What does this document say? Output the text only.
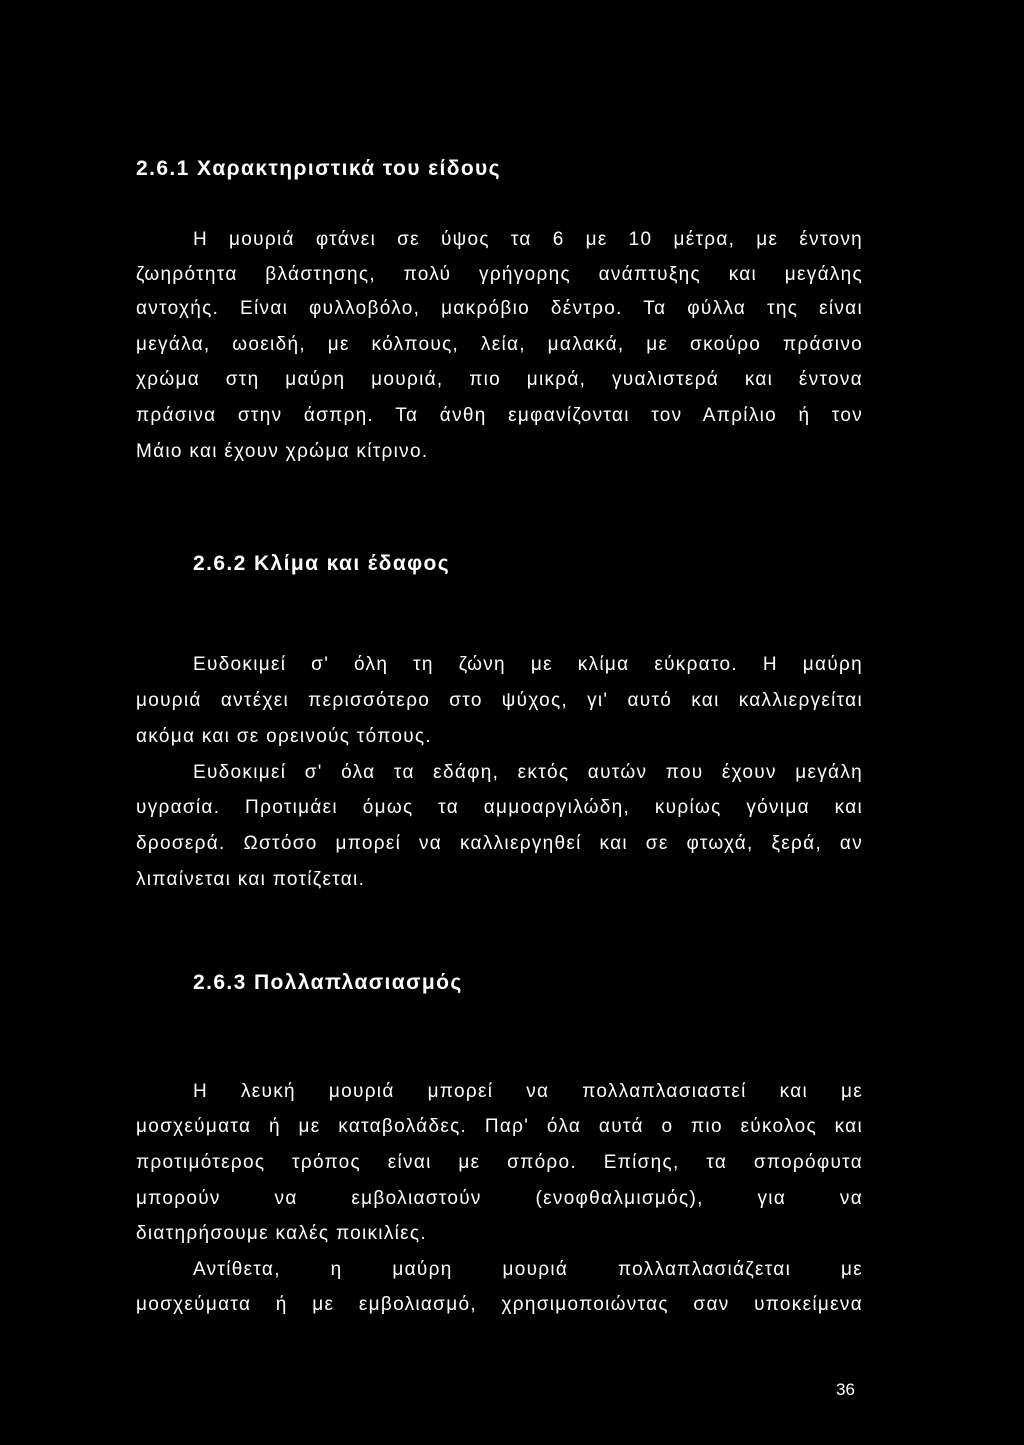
2.6.1 Χαρακτηριστικά του είδους

Η μουριά φτάνει σε ύψος τα 6 με 10 μέτρα, με έντονη

ζωηρότητα βλάστησης, πολύ γρήγορης ανάπτυξης και μεγάλης

αντοχής. Είναι φυλλοβόλο, μακρόβιο δέντρο. Τα φύλλα της είναι

μεγάλα, ωοειδή, με κόλπους, λεία, μαλακά, με σκούρο πράσινο

χρώμα στη μαύρη μουριά, πιο μικρά, γυαλιστερά και έντονα

πράσινα στην άσπρη. Τα άνθη εμφανίζονται τον Απρίλιο ή τον

Μάιο και έχουν χρώμα κίτρινο.

2.6.2 Κλίμα και έδαφος

Ευδοκιμεί σ' όλη τη ζώνη με κλίμα εύκρατο. Η μαύρη

μουριά αντέχει περισσότερο στο ψύχος, γι' αυτό και καλλιεργείται

ακόμα και σε ορεινούς τόπους.

Ευδοκιμεί σ' όλα τα εδάφη, εκτός αυτών που έχουν μεγάλη

υγρασία. Προτιμάει όμως τα αμμοαργιλώδη, κυρίως γόνιμα και

δροσερά. Ωστόσο μπορεί να καλλιεργηθεί και σε φτωχά, ξερά, αν

λιπαίνεται και ποτίζεται.

2.6.3 Πολλαπλασιασμός

Η λευκή μουριά μπορεί να πολλαπλασιαστεί και με

μοσχεύματα ή με καταβολάδες. Παρ' όλα αυτά ο πιο εύκολος και

προτιμότερος τρόπος είναι με σπόρο. Επίσης, τα σπορόφυτα

μπορούν να εμβολιαστούν (ενοφθαλμισμός), για να

διατηρήσουμε καλές ποικιλίες.

Αντίθετα, η μαύρη μουριά πολλαπλασιάζεται με

μοσχεύματα ή με εμβολιασμό, χρησιμοποιώντας σαν υποκείμενα

36
